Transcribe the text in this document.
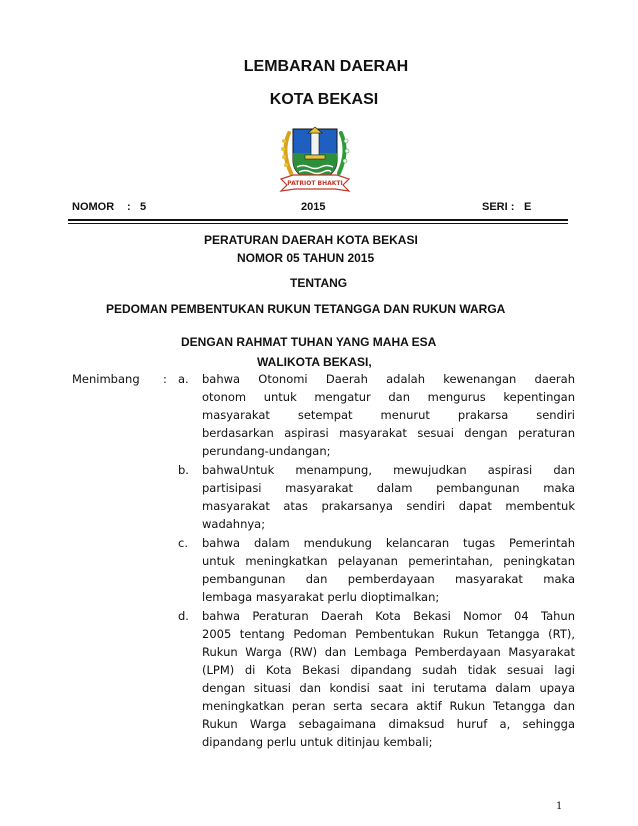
LEMBARAN DAERAH
KOTA BEKASI
PATRIOT BHAKTI
NOMOR : 5	2015	SERI : E
PERATURAN DAERAH KOTA BEKASI
NOMOR 05 TAHUN 2015
TENTANG
PEDOMAN PEMBENTUKAN RUKUN TETANGGA DAN RUKUN WARGA
DENGAN RAHMAT TUHAN YANG MAHA ESA
WALIKOTA BEKASI,
Menimbang : a. bahwa Otonomi Daerah adalah kewenangan daerah
otonom untuk mengatur dan mengurus kepentingan
masyarakat setempat menurut prakarsa sendiri
berdasarkan aspirasi masyarakat sesuai dengan peraturan
perundang-undangan;
b. bahwaUntuk menampung, mewujudkan aspirasi dan
partisipasi masyarakat dalam pembangunan maka
masyarakat atas prakarsanya sendiri dapat membentuk
wadahnya;
c. bahwa dalam mendukung kelancaran tugas Pemerintah
untuk meningkatkan pelayanan pemerintahan, peningkatan
pembangunan dan pemberdayaan masyarakat maka
lembaga masyarakat perlu dioptimalkan;
d. bahwa Peraturan Daerah Kota Bekasi Nomor 04 Tahun
2005 tentang Pedoman Pembentukan Rukun Tetangga (RT),
Rukun Warga (RW) dan Lembaga Pemberdayaan Masyarakat
(LPM) di Kota Bekasi dipandang sudah tidak sesuai lagi
dengan situasi dan kondisi saat ini terutama dalam upaya
meningkatkan peran serta secara aktif Rukun Tetangga dan
Rukun Warga sebagaimana dimaksud huruf a, sehingga
dipandang perlu untuk ditinjau kembali;
1
